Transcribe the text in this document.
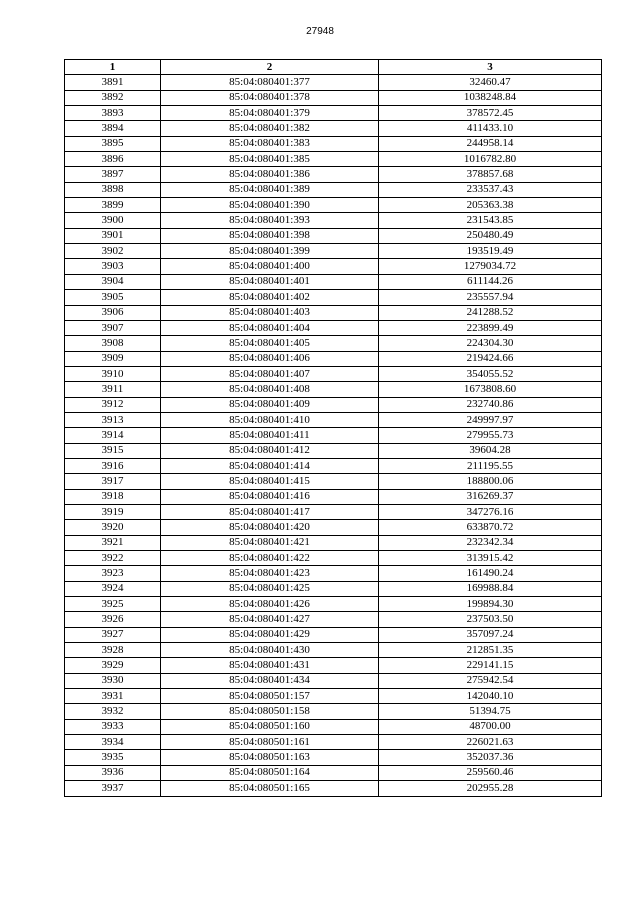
27948
1	2	3
3891	85:04:080401:377	32460.47
3892	85:04:080401:378	1038248.84
3893	85:04:080401:379	378572.45
3894	85:04:080401:382	411433.10
3895	85:04:080401:383	244958.14
3896	85:04:080401:385	1016782.80
3897	85:04:080401:386	378857.68
3898	85:04:080401:389	233537.43
3899	85:04:080401:390	205363.38
3900	85:04:080401:393	231543.85
3901	85:04:080401:398	250480.49
3902	85:04:080401:399	193519.49
3903	85:04:080401:400	1279034.72
3904	85:04:080401:401	611144.26
3905	85:04:080401:402	235557.94
3906	85:04:080401:403	241288.52
3907	85:04:080401:404	223899.49
3908	85:04:080401:405	224304.30
3909	85:04:080401:406	219424.66
3910	85:04:080401:407	354055.52
3911	85:04:080401:408	1673808.60
3912	85:04:080401:409	232740.86
3913	85:04:080401:410	249997.97
3914	85:04:080401:411	279955.73
3915	85:04:080401:412	39604.28
3916	85:04:080401:414	211195.55
3917	85:04:080401:415	188800.06
3918	85:04:080401:416	316269.37
3919	85:04:080401:417	347276.16
3920	85:04:080401:420	633870.72
3921	85:04:080401:421	232342.34
3922	85:04:080401:422	313915.42
3923	85:04:080401:423	161490.24
3924	85:04:080401:425	169988.84
3925	85:04:080401:426	199894.30
3926	85:04:080401:427	237503.50
3927	85:04:080401:429	357097.24
3928	85:04:080401:430	212851.35
3929	85:04:080401:431	229141.15
3930	85:04:080401:434	275942.54
3931	85:04:080501:157	142040.10
3932	85:04:080501:158	51394.75
3933	85:04:080501:160	48700.00
3934	85:04:080501:161	226021.63
3935	85:04:080501:163	352037.36
3936	85:04:080501:164	259560.46
3937	85:04:080501:165	202955.28
